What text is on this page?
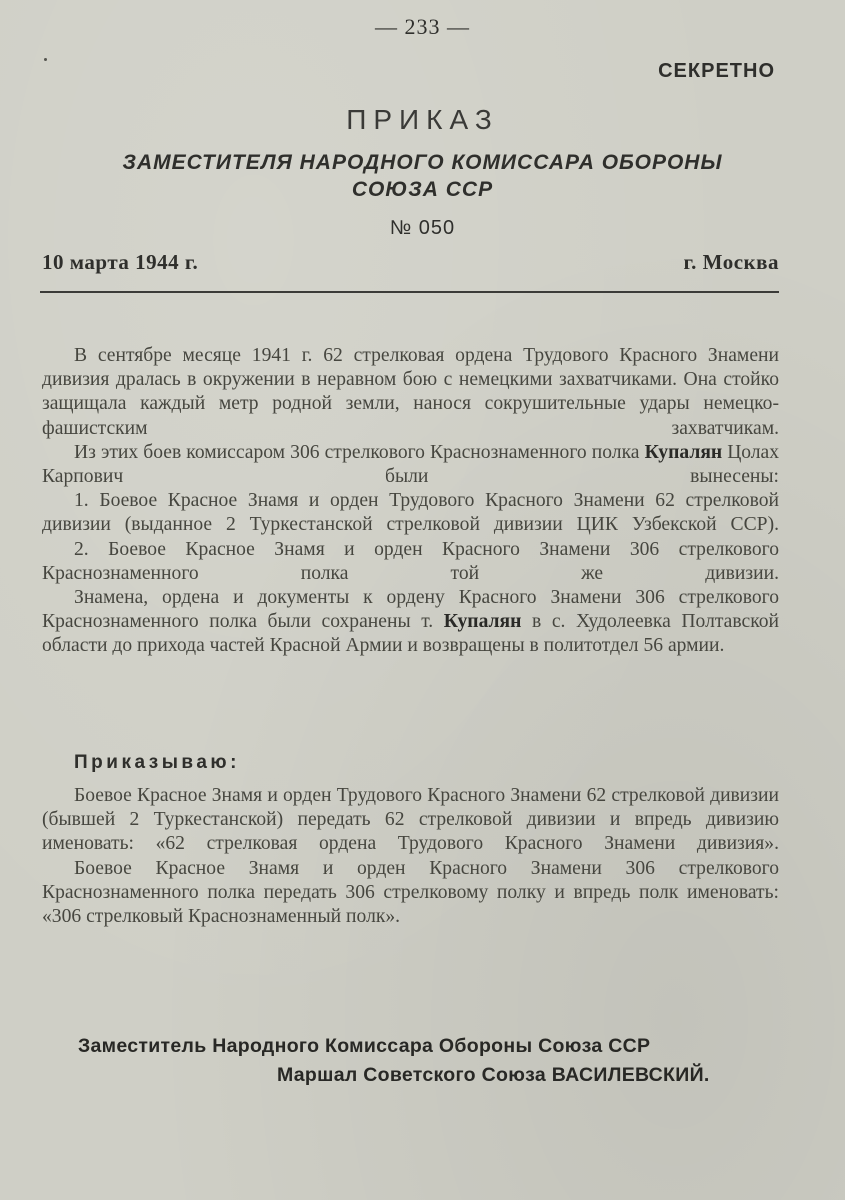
— 233 —
СЕКРЕТНО
ПРИКАЗ
ЗАМЕСТИТЕЛЯ НАРОДНОГО КОМИССАРА ОБОРОНЫ
СОЮЗА ССР
№ 050
10 марта 1944 г.	г. Москва

В сентябре месяце 1941 г. 62 стрелковая ордена Трудового Красного Знамени дивизия дралась в окружении в неравном бою с немецкими захватчиками. Она стойко защищала каждый метр родной земли, нанося сокрушительные удары немецко-фашистским захватчикам.

Из этих боев комиссаром 306 стрелкового Краснознаменного полка Купалян Цолах Карпович были вынесены:

1. Боевое Красное Знамя и орден Трудового Красного Знамени 62 стрелковой дивизии (выданное 2 Туркестанской стрелковой дивизии ЦИК Узбекской ССР).

2. Боевое Красное Знамя и орден Красного Знамени 306 стрелкового Краснознаменного полка той же дивизии.

Знамена, ордена и документы к ордену Красного Знамени 306 стрелкового Краснознаменного полка были сохранены т. Купалян в с. Худолеевка Полтавской области до прихода частей Красной Армии и возвращены в политотдел 56 армии.

Приказываю:

Боевое Красное Знамя и орден Трудового Красного Знамени 62 стрелковой дивизии (бывшей 2 Туркестанской) передать 62 стрелковой дивизии и впредь дивизию именовать: «62 стрелковая ордена Трудового Красного Знамени дивизия».

Боевое Красное Знамя и орден Красного Знамени 306 стрелкового Краснознаменного полка передать 306 стрелковому полку и впредь полк именовать: «306 стрелковый Краснознаменный полк».

Заместитель Народного Комиссара Обороны Союза ССР
Маршал Советского Союза ВАСИЛЕВСКИЙ.
